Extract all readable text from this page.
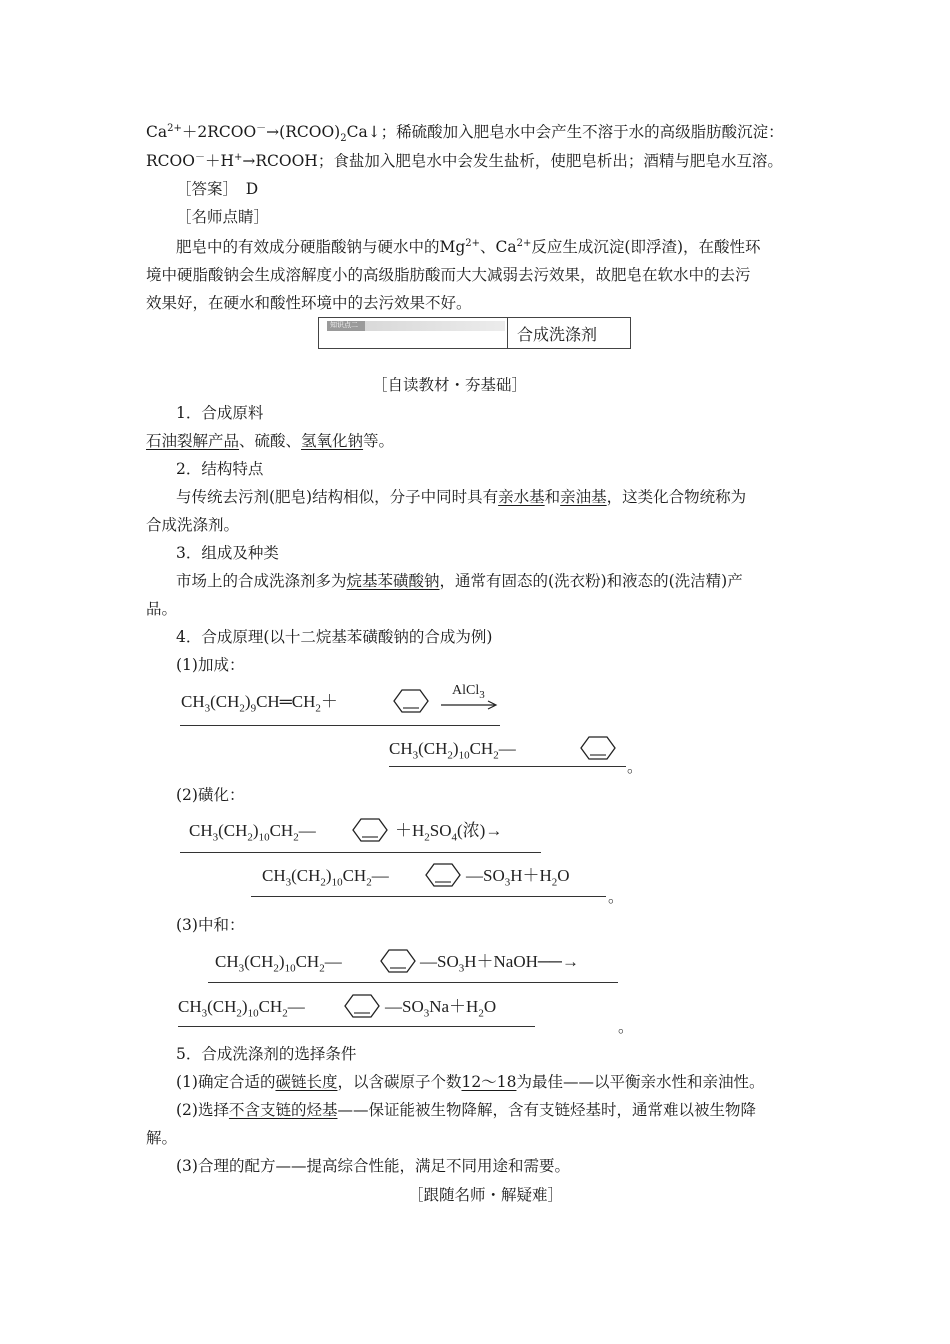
$Ca^{2+}+2RCOO^-\to(RCOO)_2Ca↓$；稀硫酸加入肥皂水中会产生不溶于水的高级脂肪酸沉淀：
RCOO－＋H+→RCOOH；食盐加入肥皂水中会发生盐析，使肥皂析出；酒精与肥皂水互溶。
［答案］　D
［名师点睛］
肥皂中的有效成分硬脂酸钠与硬水中的$Mg^{2+}$、$Ca^{2+}$反应生成沉淀(即浮渣)，在酸性环
境中硬脂酸钠会生成溶解度小的高级脂肪酸而大大减弱去污效果，故肥皂在软水中的去污
效果好，在硬水和酸性环境中的去污效果不好。
知识点二	合成洗涤剂
［自读教材・夯基础］
1．合成原料
石油裂解产品、硫酸、氢氧化钠等。
2．结构特点
与传统去污剂(肥皂)结构相似，分子中同时具有亲水基和亲油基，这类化合物统称为
合成洗涤剂。
3．组成及种类
市场上的合成洗涤剂多为烷基苯磺酸钠，通常有固态的(洗衣粉)和液态的(洗洁精)产
品。
4．合成原理(以十二烷基苯磺酸钠的合成为例)
(1)加成：
$CH_3(CH_2)_9CH═CH_2+$
AlCl$_3$
$CH_3(CH_2)_{10}CH_2—$
。
(2)磺化：
$CH_3(CH_2)_{10}CH_2—$	$+H_2SO_4$(浓)→
$CH_3(CH_2)_{10}CH_2—$	$—SO_3H+H_2O$
。
(3)中和：
$CH_3(CH_2)_{10}CH_2—$	$—SO_3H+NaOH──\to$
$CH_3(CH_2)_{10}CH_2—$	$—SO_3Na+H_2O$
。
5．合成洗涤剂的选择条件
(1)确定合适的碳链长度，以含碳原子个数12～18为最佳——以平衡亲水性和亲油性。
(2)选择不含支链的烃基——保证能被生物降解，含有支链烃基时，通常难以被生物降
解。
(3)合理的配方——提高综合性能，满足不同用途和需要。
［跟随名师・解疑难］
